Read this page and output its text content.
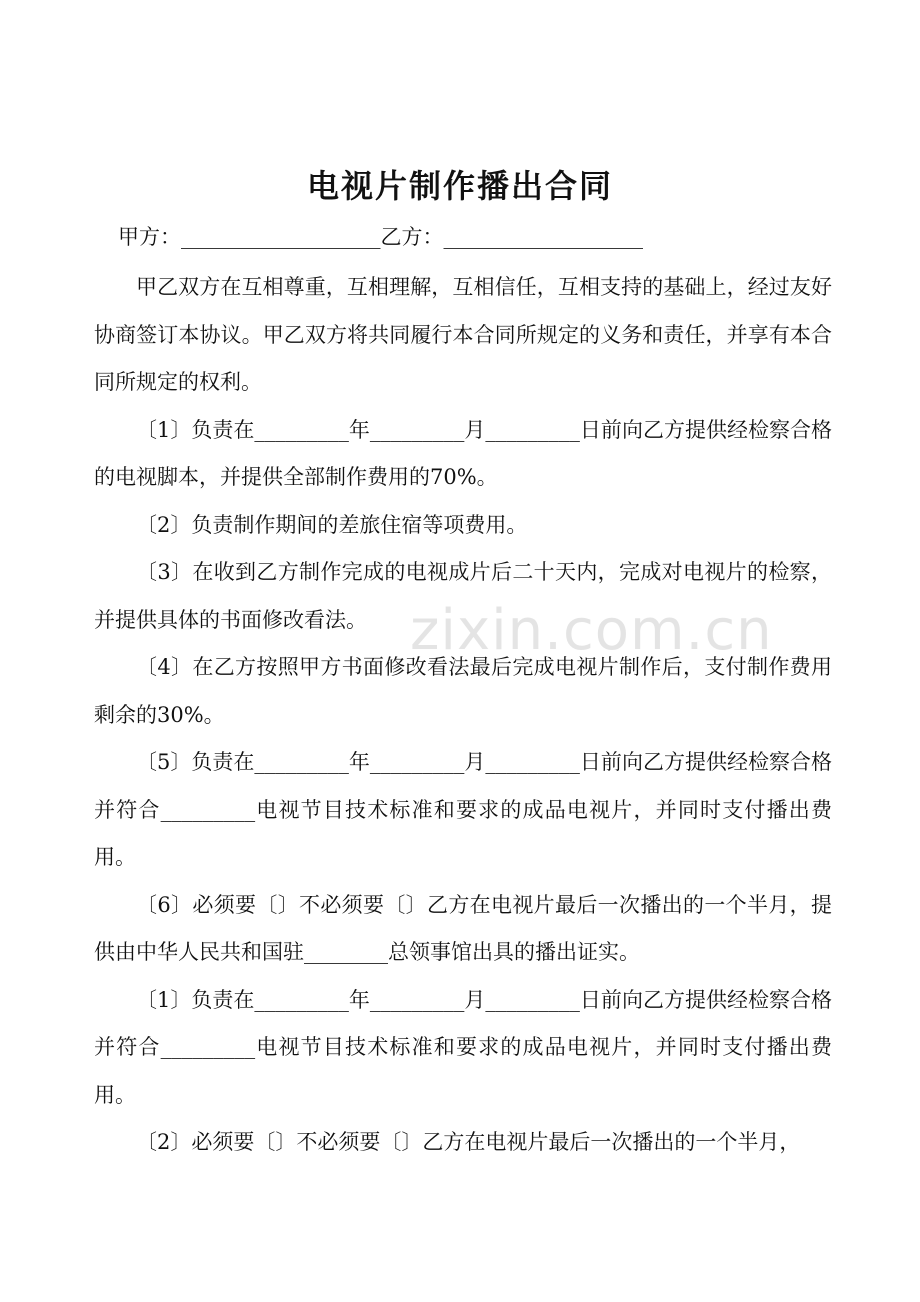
电视片制作播出合同
甲方：___________________乙方：___________________

甲乙双方在互相尊重，互相理解，互相信任，互相支持的基础上，经过友好协商签订本协议。甲乙双方将共同履行本合同所规定的义务和责任，并享有本合同所规定的权利。

〔1〕负责在_________年_________月_________日前向乙方提供经检察合格的电视脚本，并提供全部制作费用的70%。

〔2〕负责制作期间的差旅住宿等项费用。

〔3〕在收到乙方制作完成的电视成片后二十天内，完成对电视片的检察，并提供具体的书面修改看法。

〔4〕在乙方按照甲方书面修改看法最后完成电视片制作后，支付制作费用剩余的30%。

〔5〕负责在_________年_________月_________日前向乙方提供经检察合格并符合_________电视节目技术标准和要求的成品电视片，并同时支付播出费用。

〔6〕必须要〔〕不必须要〔〕乙方在电视片最后一次播出的一个半月，提供由中华人民共和国驻________总领事馆出具的播出证实。

〔1〕负责在_________年_________月_________日前向乙方提供经检察合格并符合_________电视节目技术标准和要求的成品电视片，并同时支付播出费用。

〔2〕必须要〔〕不必须要〔〕乙方在电视片最后一次播出的一个半月，

zixin.com.cn
